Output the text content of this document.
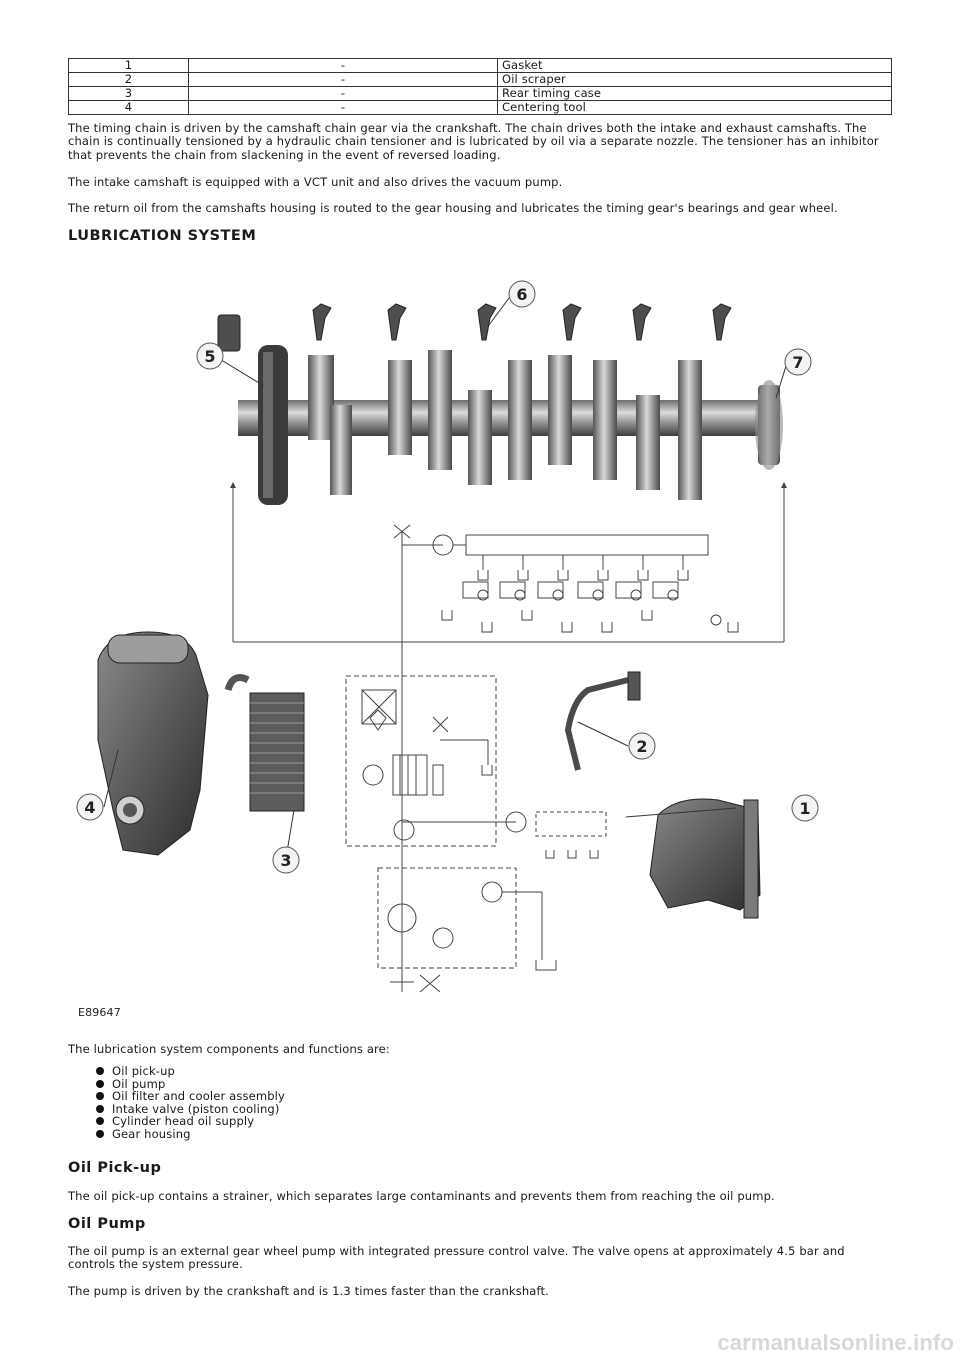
1	-	Gasket
2	-	Oil scraper
3	-	Rear timing case
4	-	Centering tool

The timing chain is driven by the camshaft chain gear via the crankshaft. The chain drives both the intake and exhaust camshafts. The chain is continually tensioned by a hydraulic chain tensioner and is lubricated by oil via a separate nozzle. The tensioner has an inhibitor that prevents the chain from slackening in the event of reversed loading.

The intake camshaft is equipped with a VCT unit and also drives the vacuum pump.

The return oil from the camshafts housing is routed to the gear housing and lubricates the timing gear's bearings and gear wheel.

LUBRICATION SYSTEM
1
2
3
4
5
6
7
E89647

The lubrication system components and functions are:

Oil pick-up
Oil pump
Oil filter and cooler assembly
Intake valve (piston cooling)
Cylinder head oil supply
Gear housing
Oil Pick-up

The oil pick-up contains a strainer, which separates large contaminants and prevents them from reaching the oil pump.

Oil Pump

The oil pump is an external gear wheel pump with integrated pressure control valve. The valve opens at approximately 4.5 bar and controls the system pressure.

The pump is driven by the crankshaft and is 1.3 times faster than the crankshaft.

carmanualsonline.info
